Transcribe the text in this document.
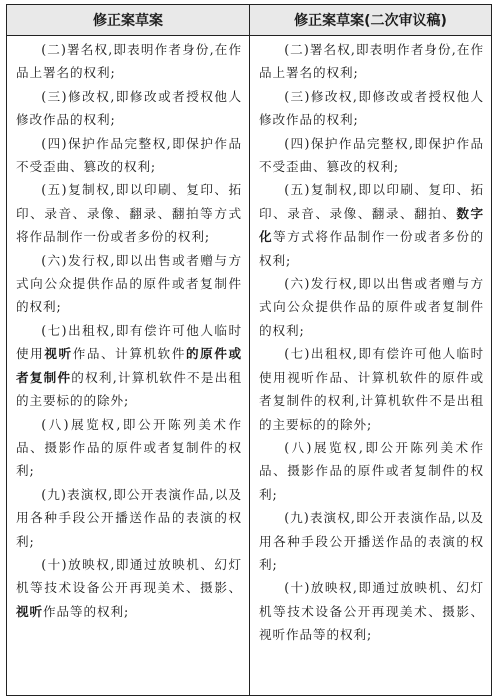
修正案草案	修正案草案(二次审议稿)

(二)署名权,即表明作者身份,在作品上署名的权利;

(三)修改权,即修改或者授权他人修改作品的权利;

(四)保护作品完整权,即保护作品不受歪曲、篡改的权利;

(五)复制权,即以印刷、复印、拓印、录音、录像、翻录、翻拍等方式将作品制作一份或者多份的权利;

(六)发行权,即以出售或者赠与方式向公众提供作品的原件或者复制件的权利;

(七)出租权,即有偿许可他人临时使用视听作品、计算机软件的原件或者复制件的权利,计算机软件不是出租的主要标的的除外;

(八)展览权,即公开陈列美术作品、摄影作品的原件或者复制件的权利;

(九)表演权,即公开表演作品,以及用各种手段公开播送作品的表演的权利;

(十)放映权,即通过放映机、幻灯机等技术设备公开再现美术、摄影、视听作品等的权利;

(二)署名权,即表明作者身份,在作品上署名的权利;

(三)修改权,即修改或者授权他人修改作品的权利;

(四)保护作品完整权,即保护作品不受歪曲、篡改的权利;

(五)复制权,即以印刷、复印、拓印、录音、录像、翻录、翻拍、数字化等方式将作品制作一份或者多份的权利;

(六)发行权,即以出售或者赠与方式向公众提供作品的原件或者复制件的权利;

(七)出租权,即有偿许可他人临时使用视听作品、计算机软件的原件或者复制件的权利,计算机软件不是出租的主要标的的除外;

(八)展览权,即公开陈列美术作品、摄影作品的原件或者复制件的权利;

(九)表演权,即公开表演作品,以及用各种手段公开播送作品的表演的权利;

(十)放映权,即通过放映机、幻灯机等技术设备公开再现美术、摄影、视听作品等的权利;
